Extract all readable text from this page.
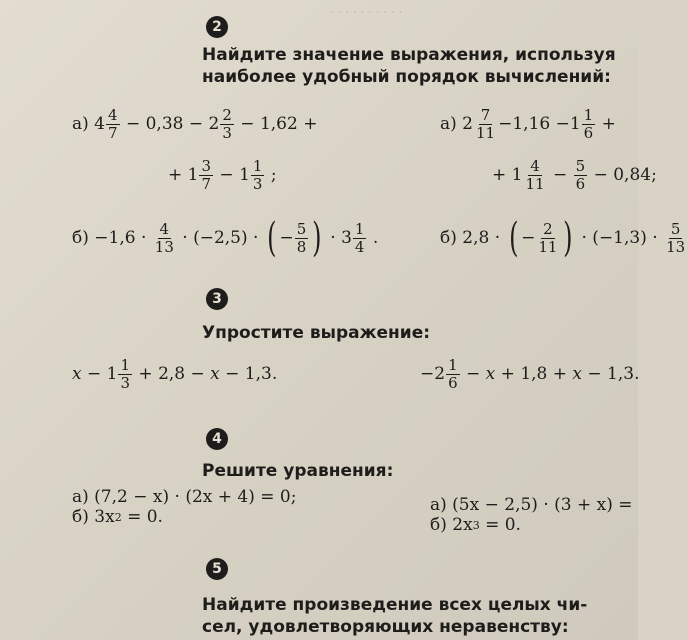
. . . . . . . . . .
2
Найдите значение выражения, используя
наиболее удобный порядок вычислений:
а) $4 \frac{4}{7} - 0,38 - 2 \frac{2}{3} - 1,62$ +
+ $1 \frac{3}{7} - 1 \frac{1}{3}$ ;
а) $2 \frac{7}{11} -1,16 -1 \frac{1}{6}$ +
+ $1 \frac{4}{11} - \frac{5}{6} - 0,84$;
$б) -1,6 \cdot \frac{4}{13} \cdot (-2,5)$ · ( − $\frac{5}{8}$ ) · $3 \frac{1}{4}$ .	б) 2,8 · ( − $\frac{2}{11}$ ) · $(-1,3) \cdot \frac{5}{13}$
3
Упростите выражение:
$x - 1 \frac{1}{3} + 2,8 - x - 1,3$.	$-2 \frac{1}{6} - x + 1,8 + x - 1,3$.
4
Решите уравнения:
а) (7,2 − x) · (2x + 4) = 0;
б) 3x 2 = 0.
а) (5x − 2,5) · (3 + x) =
б) 2x 3 = 0.
5
Найдите произведение всех целых чи-
сел, удовлетворяющих неравенству:
